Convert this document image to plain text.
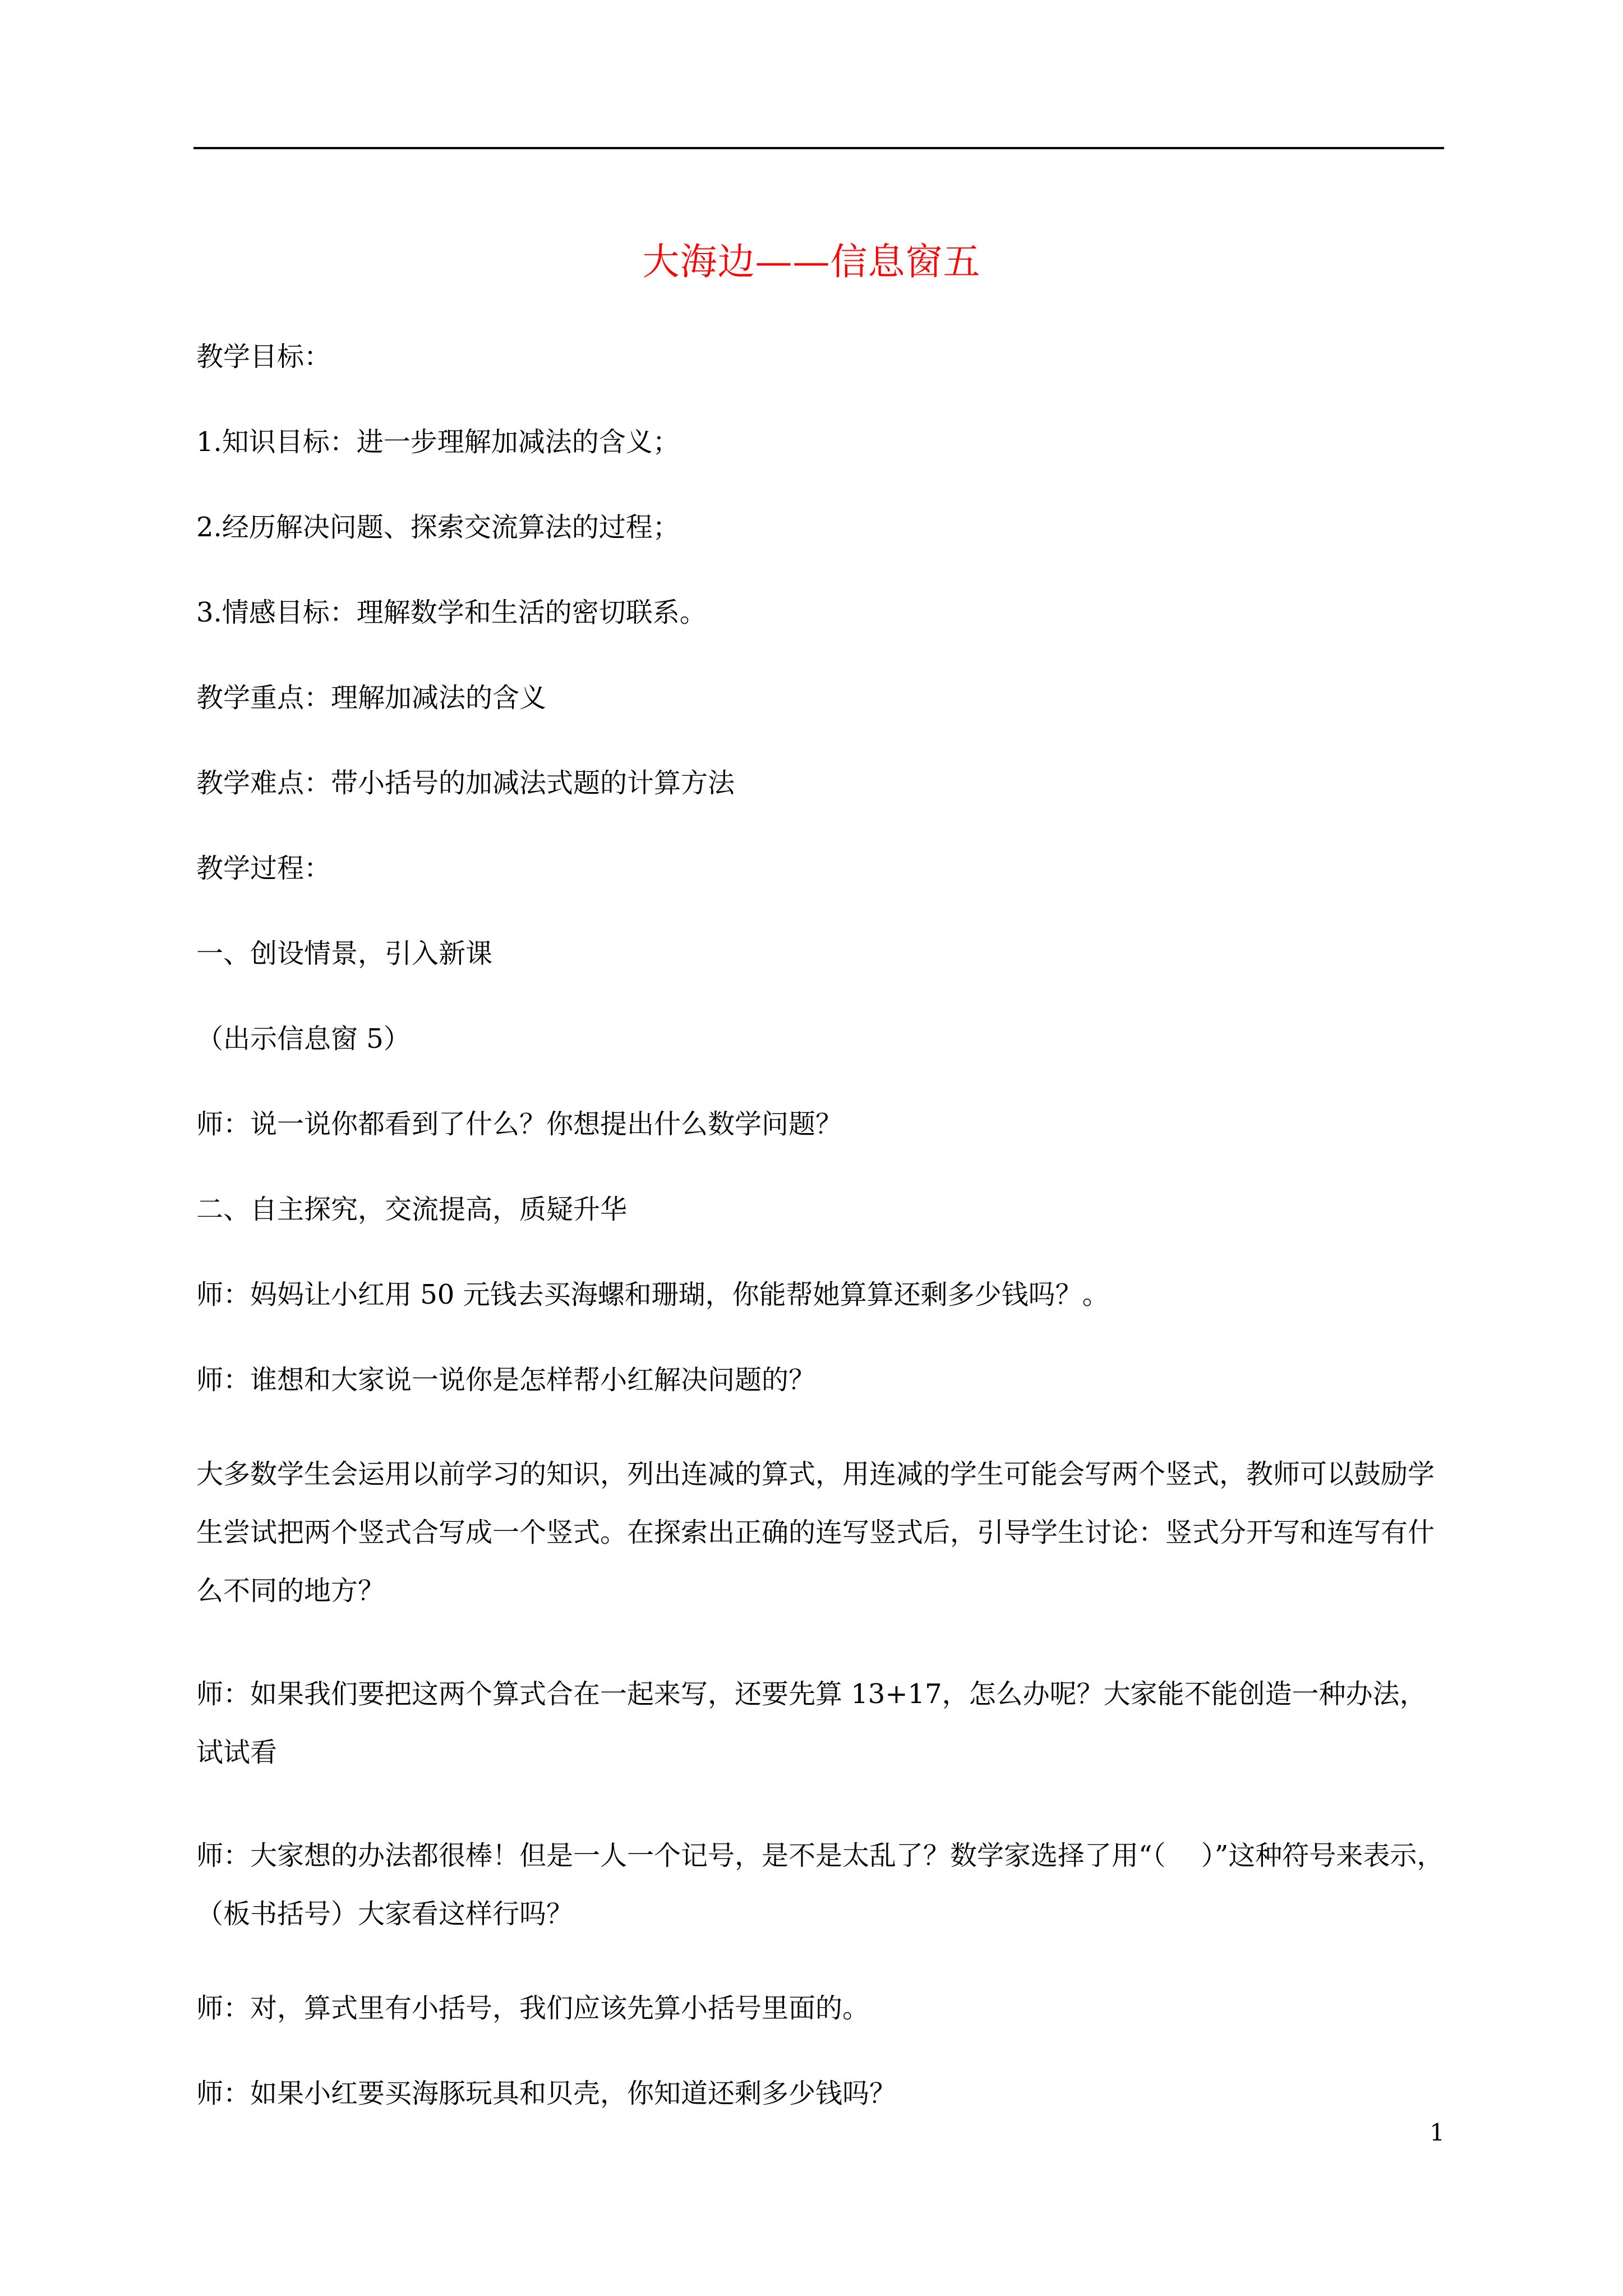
大海边——信息窗五

教学目标：

1.知识目标：进一步理解加减法的含义；

2.经历解决问题、探索交流算法的过程；

3.情感目标：理解数学和生活的密切联系。

教学重点：理解加减法的含义

教学难点：带小括号的加减法式题的计算方法

教学过程：

一、创设情景，引入新课

（出示信息窗 5）

师：说一说你都看到了什么？你想提出什么数学问题？

二、自主探究，交流提高，质疑升华

师：妈妈让小红用 50 元钱去买海螺和珊瑚，你能帮她算算还剩多少钱吗？。

师：谁想和大家说一说你是怎样帮小红解决问题的？

大多数学生会运用以前学习的知识，列出连减的算式，用连减的学生可能会写两个竖式，教师可以鼓励学生尝试把两个竖式合写成一个竖式。在探索出正确的连写竖式后，引导学生讨论：竖式分开写和连写有什么不同的地方？

师：如果我们要把这两个算式合在一起来写，还要先算 13+17，怎么办呢？大家能不能创造一种办法，试试看

师：大家想的办法都很棒！但是一人一个记号，是不是太乱了？数学家选择了用“（　 ）”这种符号来表示，（板书括号）大家看这样行吗？

师：对，算式里有小括号，我们应该先算小括号里面的。

师：如果小红要买海豚玩具和贝壳，你知道还剩多少钱吗？

1
